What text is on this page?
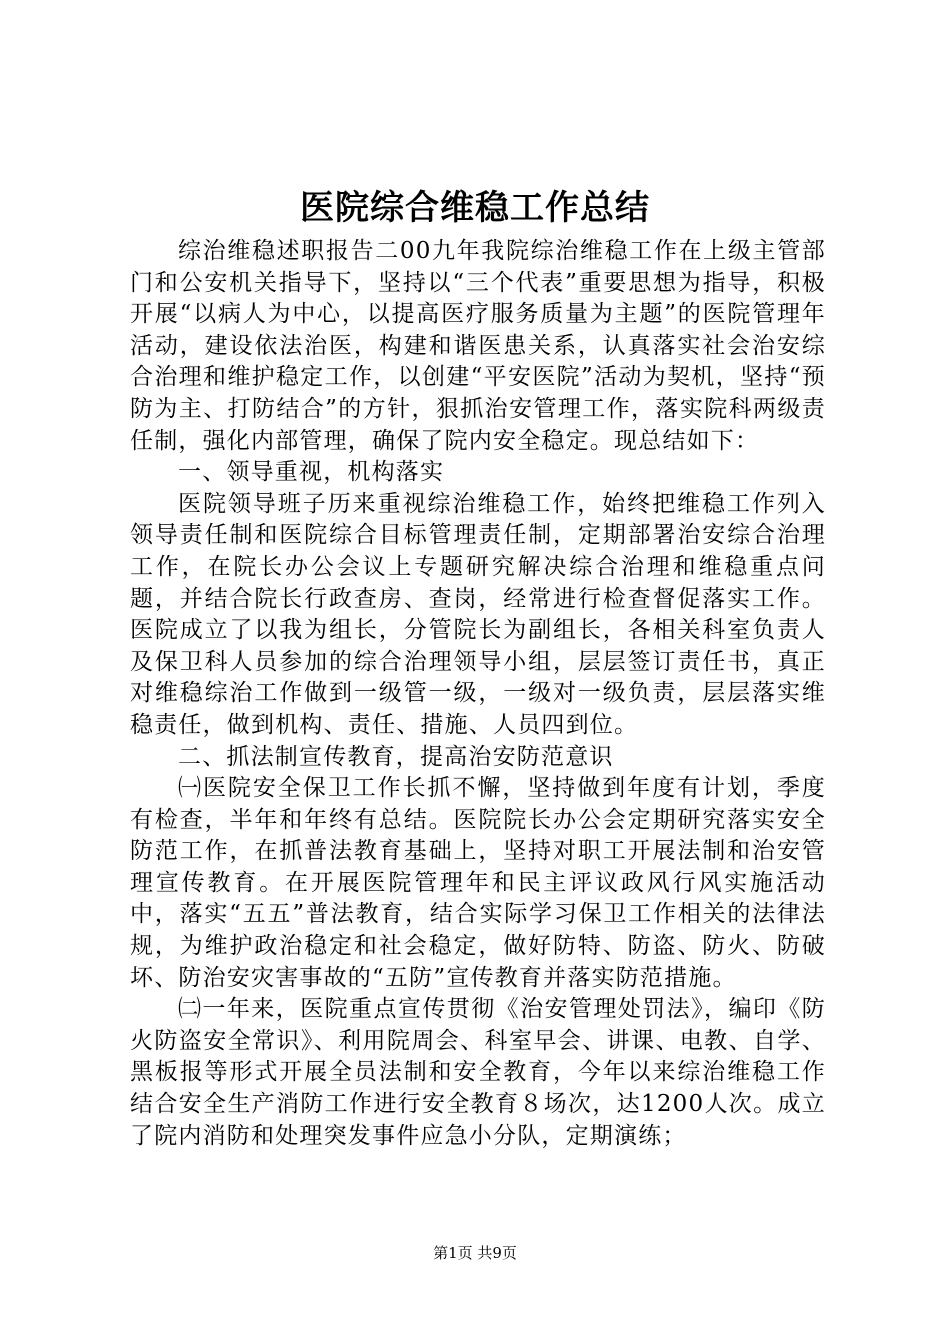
医院综合维稳工作总结

综治维稳述职报告二00九年我院综治维稳工作在上级主管部门和公安机关指导下，坚持以“三个代表”重要思想为指导，积极开展“以病人为中心，以提高医疗服务质量为主题”的医院管理年活动，建设依法治医，构建和谐医患关系，认真落实社会治安综合治理和维护稳定工作，以创建“平安医院”活动为契机，坚持“预防为主、打防结合”的方针，狠抓治安管理工作，落实院科两级责任制，强化内部管理，确保了院内安全稳定。现总结如下：

一、领导重视，机构落实

医院领导班子历来重视综治维稳工作，始终把维稳工作列入领导责任制和医院综合目标管理责任制，定期部署治安综合治理工作，在院长办公会议上专题研究解决综合治理和维稳重点问题，并结合院长行政查房、查岗，经常进行检查督促落实工作。医院成立了以我为组长，分管院长为副组长，各相关科室负责人及保卫科人员参加的综合治理领导小组，层层签订责任书，真正对维稳综治工作做到一级管一级，一级对一级负责，层层落实维稳责任，做到机构、责任、措施、人员四到位。

二、抓法制宣传教育，提高治安防范意识

㈠医院安全保卫工作长抓不懈，坚持做到年度有计划，季度有检查，半年和年终有总结。医院院长办公会定期研究落实安全防范工作，在抓普法教育基础上，坚持对职工开展法制和治安管理宣传教育。在开展医院管理年和民主评议政风行风实施活动中，落实“五五”普法教育，结合实际学习保卫工作相关的法律法规，为维护政治稳定和社会稳定，做好防特、防盗、防火、防破坏、防治安灾害事故的“五防”宣传教育并落实防范措施。

㈡一年来，医院重点宣传贯彻《治安管理处罚法》，编印《防火防盗安全常识》、利用院周会、科室早会、讲课、电教、自学、黑板报等形式开展全员法制和安全教育，今年以来综治维稳工作结合安全生产消防工作进行安全教育８场次，达1200人次。成立了院内消防和处理突发事件应急小分队，定期演练；

第1页 共9页
